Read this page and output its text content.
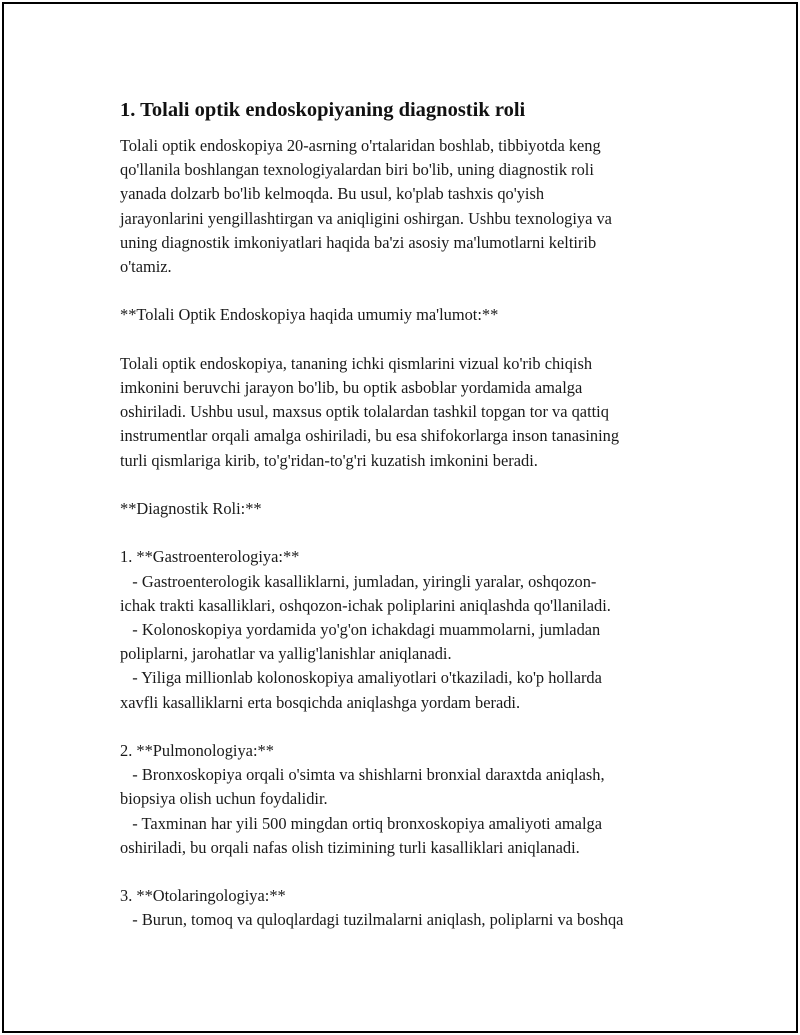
1. Tolali optik endoskopiyaning diagnostik roli

Tolali optik endoskopiya 20-asrning o'rtalaridan boshlab, tibbiyotda keng
qo'llanila boshlangan texnologiyalardan biri bo'lib, uning diagnostik roli
yanada dolzarb bo'lib kelmoqda. Bu usul, ko'plab tashxis qo'yish
jarayonlarini yengillashtirgan va aniqligini oshirgan. Ushbu texnologiya va
uning diagnostik imkoniyatlari haqida ba'zi asosiy ma'lumotlarni keltirib
o'tamiz.

**Tolali Optik Endoskopiya haqida umumiy ma'lumot:**

Tolali optik endoskopiya, tananing ichki qismlarini vizual ko'rib chiqish
imkonini beruvchi jarayon bo'lib, bu optik asboblar yordamida amalga
oshiriladi. Ushbu usul, maxsus optik tolalardan tashkil topgan tor va qattiq
instrumentlar orqali amalga oshiriladi, bu esa shifokorlarga inson tanasining
turli qismlariga kirib, to'g'ridan-to'g'ri kuzatish imkonini beradi.

**Diagnostik Roli:**

1. **Gastroenterologiya:**
- Gastroenterologik kasalliklarni, jumladan, yiringli yaralar, oshqozon-
ichak trakti kasalliklari, oshqozon-ichak poliplarini aniqlashda qo'llaniladi.
- Kolonoskopiya yordamida yo'g'on ichakdagi muammolarni, jumladan
poliplarni, jarohatlar va yallig'lanishlar aniqlanadi.
- Yiliga millionlab kolonoskopiya amaliyotlari o'tkaziladi, ko'p hollarda
xavfli kasalliklarni erta bosqichda aniqlashga yordam beradi.

2. **Pulmonologiya:**
- Bronxoskopiya orqali o'simta va shishlarni bronxial daraxtda aniqlash,
biopsiya olish uchun foydalidir.
- Taxminan har yili 500 mingdan ortiq bronxoskopiya amaliyoti amalga
oshiriladi, bu orqali nafas olish tizimining turli kasalliklari aniqlanadi.

3. **Otolaringologiya:**
- Burun, tomoq va quloqlardagi tuzilmalarni aniqlash, poliplarni va boshqa
